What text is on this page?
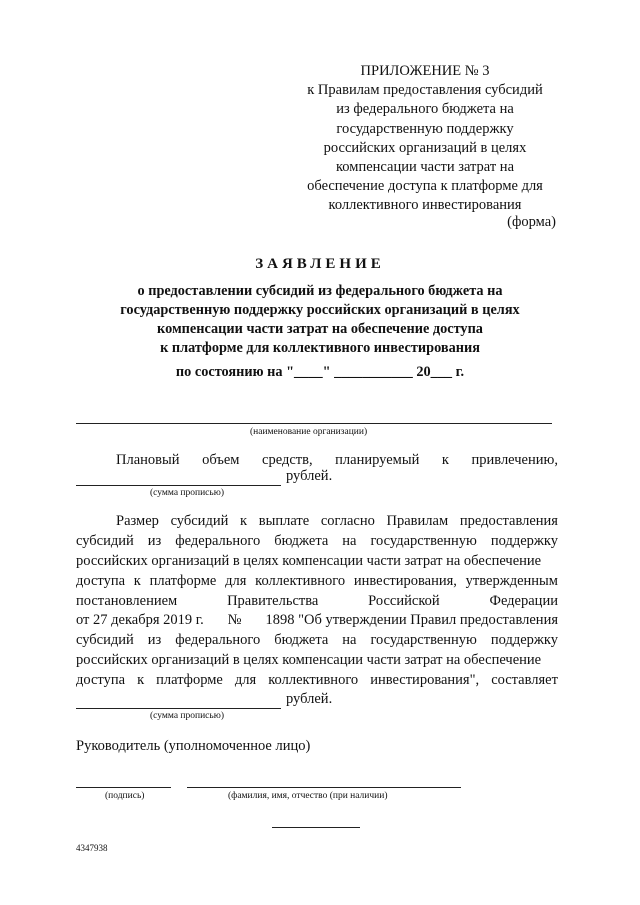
ПРИЛОЖЕНИЕ № 3
к Правилам предоставления субсидий
из федерального бюджета на
государственную поддержку
российских организаций в целях
компенсации части затрат на
обеспечение доступа к платформе для
коллективного инвестирования
(форма)
ЗАЯВЛЕНИЕ
о предоставлении субсидий из федерального бюджета на
государственную поддержку российских организаций в целях
компенсации части затрат на обеспечение доступа
к платформе для коллективного инвестирования
по состоянию на "____" ___________ 20___ г.
(наименование организации)
Плановый объем средств, планируемый к привлечению,
рублей.
(сумма прописью)
Размер субсидий к выплате согласно Правилам предоставления
субсидий из федерального бюджета на государственную поддержку
российских организаций в целях компенсации части затрат на обеспечение
доступа к платформе для коллективного инвестирования, утвержденным
постановлением	Правительства	Российской	Федерации
от 27 декабря 2019 г. № 1898 "Об утверждении Правил предоставления
субсидий из федерального бюджета на государственную поддержку
российских организаций в целях компенсации части затрат на обеспечение
доступа к платформе для коллективного инвестирования", составляет
рублей.
(сумма прописью)
Руководитель (уполномоченное лицо)
(подпись)	(фамилия, имя, отчество (при наличии)
4347938
